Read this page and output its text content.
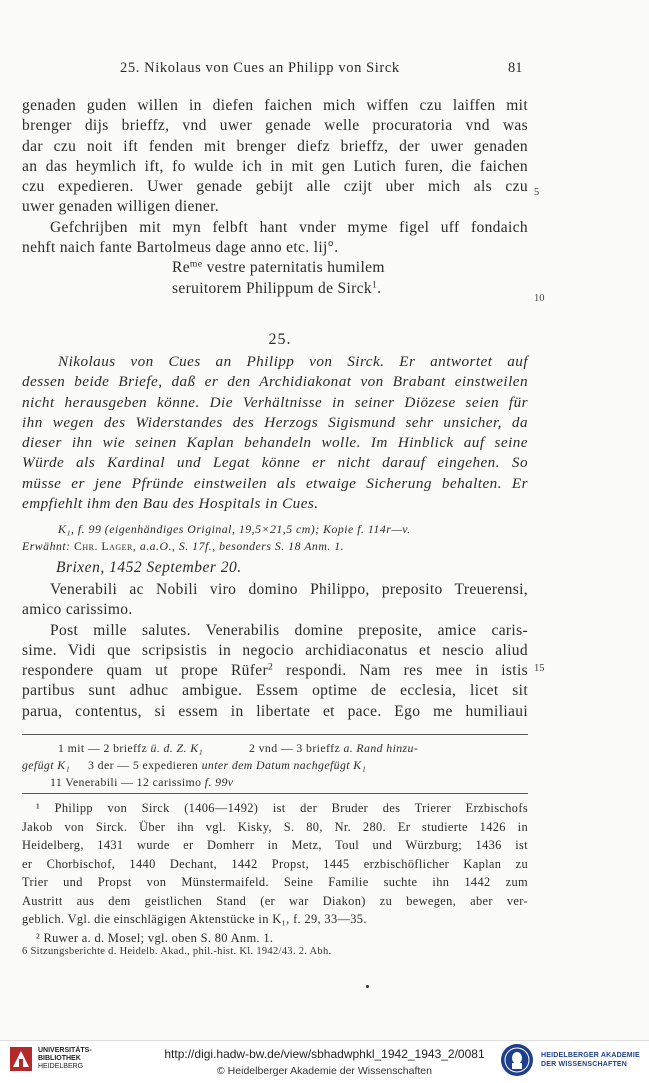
25. Nikolaus von Cues an Philipp von Sirck	81
genaden guden willen in diefen faichen mich wiffen czu laiffen mit
brenger dijs brieffz, vnd uwer genade welle procuratoria vnd was
dar czu noit ift fenden mit brenger diefz brieffz, der uwer genaden
an das heymlich ift, fo wulde ich in mit gen Lutich furen, die faichen
czu expedieren. Uwer genade gebijt alle czijt uber mich als czu
uwer genaden willigen diener.
Gefchrijben mit myn felbft hant vnder myme figel uff fondaich
nehft naich fante Bartolmeus dage anno etc. lij°.
$Re^{me}$ vestre paternitatis humilem
seruitorem Philippum de Sirck$^1$.
5
10
25.
Nikolaus von Cues an Philipp von Sirck. Er antwortet auf
dessen beide Briefe, daß er den Archidiakonat von Brabant einstweilen
nicht herausgeben könne. Die Verhältnisse in seiner Diözese seien für
ihn wegen des Widerstandes des Herzogs Sigismund sehr unsicher, da
dieser ihn wie seinen Kaplan behandeln wolle. Im Hinblick auf seine
Würde als Kardinal und Legat könne er nicht darauf eingehen. So
müsse er jene Pfründe einstweilen als etwaige Sicherung behalten. Er
empfiehlt ihm den Bau des Hospitals in Cues.
K₁, f. 99 (eigenhändiges Original, 19,5×21,5 cm); Kopie f. 114r—v.
Erwähnt: Chr. Lager, a.a.O., S. 17f., besonders S. 18 Anm. 1.
Brixen, 1452 September 20.
Venerabili ac Nobili viro domino Philippo, preposito Treuerensi,
amico carissimo.
Post mille salutes. Venerabilis domine preposite, amice caris-
sime. Vidi que scripsistis in negocio archidiaconatus et nescio aliud
respondere quam ut prope Rüfer$^2$ respondi. Nam res mee in istis
partibus sunt adhuc ambigue. Essem optime de ecclesia, licet sit
parua, contentus, si essem in libertate et pace. Ego me humiliaui
15
1 mit — 2 brieffz ü. d. Z. K₁	2 vnd — 3 brieffz a. Rand hinzu-
gefügt K₁ 3 der — 5 expedieren unter dem Datum nachgefügt K₁
11 Venerabili — 12 carissimo f. 99v
¹ Philipp von Sirck (1406—1492) ist der Bruder des Trierer Erzbischofs
Jakob von Sirck. Über ihn vgl. Kisky, S. 80, Nr. 280. Er studierte 1426 in
Heidelberg, 1431 wurde er Domherr in Metz, Toul und Würzburg; 1436 ist
er Chorbischof, 1440 Dechant, 1442 Propst, 1445 erzbischöflicher Kaplan zu
Trier und Propst von Münstermaifeld. Seine Familie suchte ihn 1442 zum
Austritt aus dem geistlichen Stand (er war Diakon) zu bewegen, aber ver-
geblich. Vgl. die einschlägigen Aktenstücke in K₁, f. 29, 33—35.
² Ruwer a. d. Mosel; vgl. oben S. 80 Anm. 1.
6 Sitzungsberichte d. Heidelb. Akad., phil.-hist. Kl. 1942/43. 2. Abh.
UNIVERSITÄTS-
BIBLIOTHEK
HEIDELBERG
http://digi.hadw-bw.de/view/sbhadwphkl_1942_1943_2/0081
© Heidelberger Akademie der Wissenschaften
HEIDELBERGER AKADEMIE
DER WISSENSCHAFTEN
